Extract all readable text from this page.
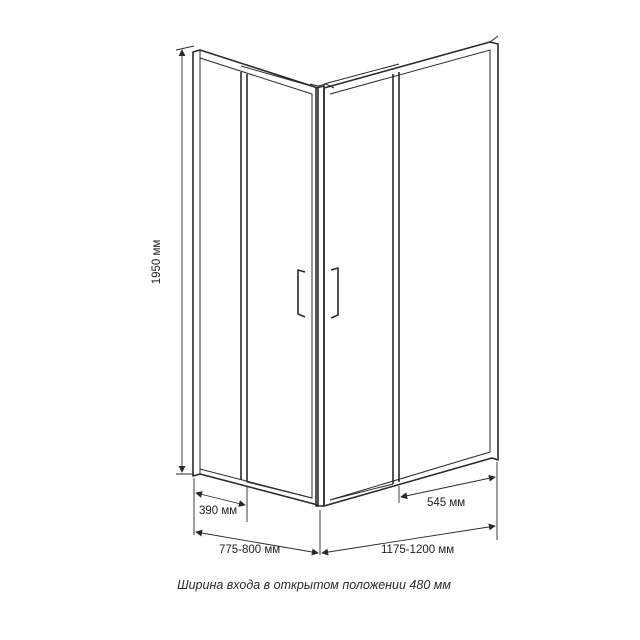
1950 мм
390 мм
775-800 мм
545 мм
1175-1200 мм
Ширина входа в открытом положении 480 мм
